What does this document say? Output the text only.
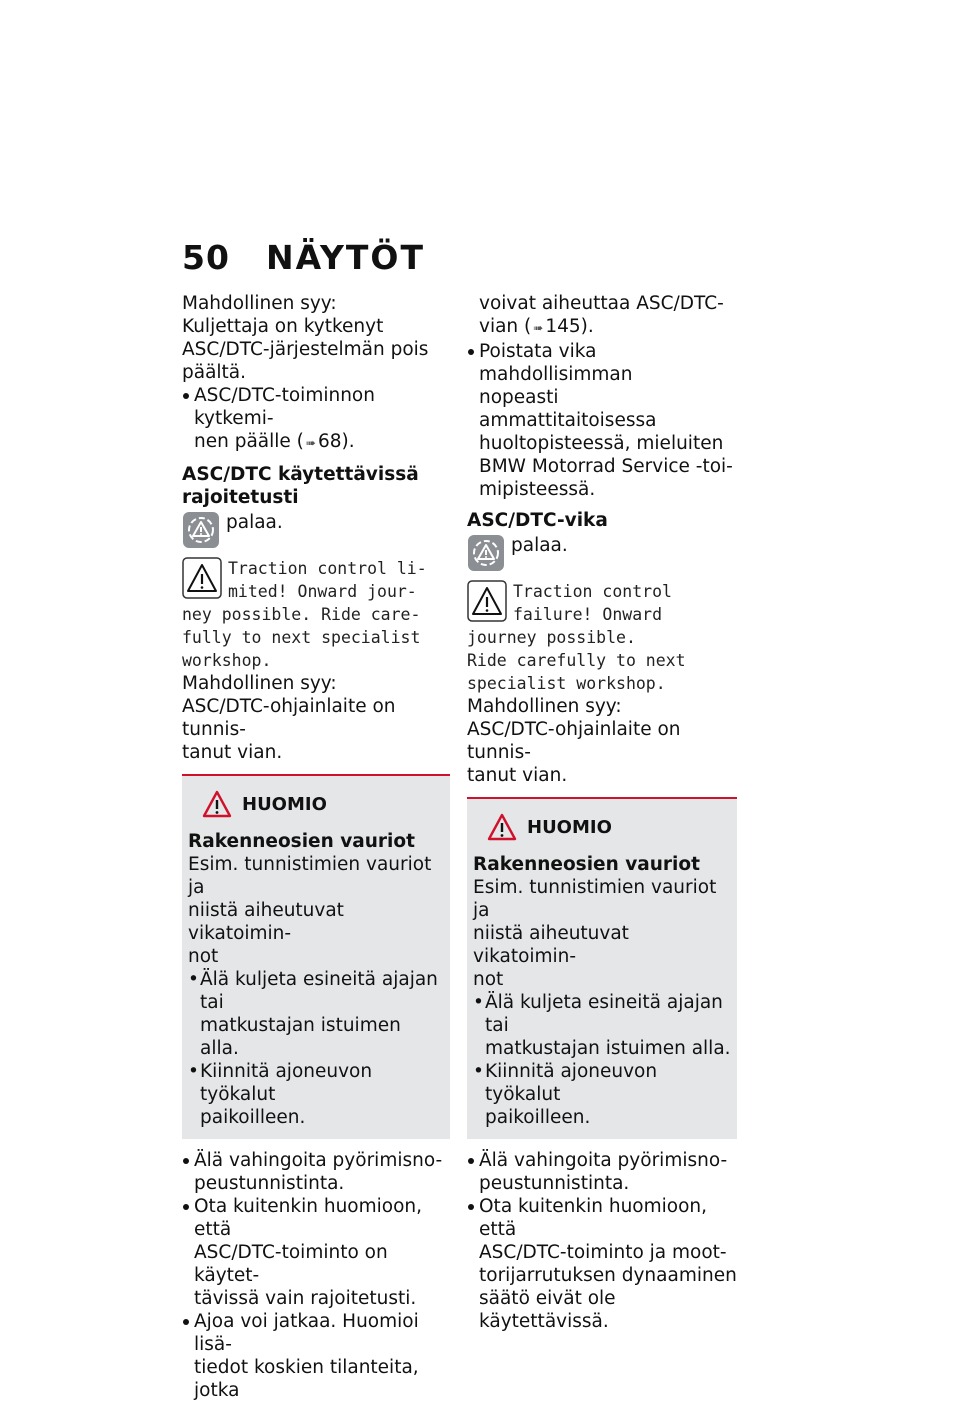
50	NÄYTÖT

Mahdollinen syy:

Kuljettaja on kytkenyt ASC/DTC-järjestelmän pois päältä.

ASC/DTC-toiminnon kytkemi-

nen päälle ( ➠ 68).

ASC/DTC käytettävissä

rajoitetusti

palaa.

Traction control li-

mited! Onward jour-

ney possible. Ride care-

fully to next specialist

workshop.

Mahdollinen syy:

ASC/DTC-ohjainlaite on tunnis-

tanut vian.

HUOMIO

Rakenneosien vauriot

Esim. tunnistimien vauriot ja

niistä aiheutuvat vikatoimin-

not

• Älä kuljeta esineitä ajajan tai

matkustajan istuimen alla.

• Kiinnitä ajoneuvon työkalut

paikoilleen.

Älä vahingoita pyörimisno-

peustunnistinta.

Ota kuitenkin huomioon, että

ASC/DTC-toiminto on käytet-

tävissä vain rajoitetusti.

Ajoa voi jatkaa. Huomioi lisä-

tiedot koskien tilanteita, jotka

voivat aiheuttaa ASC/DTC-

vian ( ➠ 145).

Poistata vika mahdollisimman

nopeasti ammattitaitoisessa

huoltopisteessä, mieluiten

BMW Motorrad Service -toi-

mipisteessä.

ASC/DTC-vika
palaa.

Traction control

failure! Onward

journey possible.

Ride carefully to next

specialist workshop.

Mahdollinen syy:

ASC/DTC-ohjainlaite on tunnis-

tanut vian.

HUOMIO

Rakenneosien vauriot

Esim. tunnistimien vauriot ja

niistä aiheutuvat vikatoimin-

not

• Älä kuljeta esineitä ajajan tai

matkustajan istuimen alla.

• Kiinnitä ajoneuvon työkalut

paikoilleen.

Älä vahingoita pyörimisno-

peustunnistinta.

Ota kuitenkin huomioon, että

ASC/DTC-toiminto ja moot-

torijarrutuksen dynaaminen

säätö eivät ole käytettävissä.
